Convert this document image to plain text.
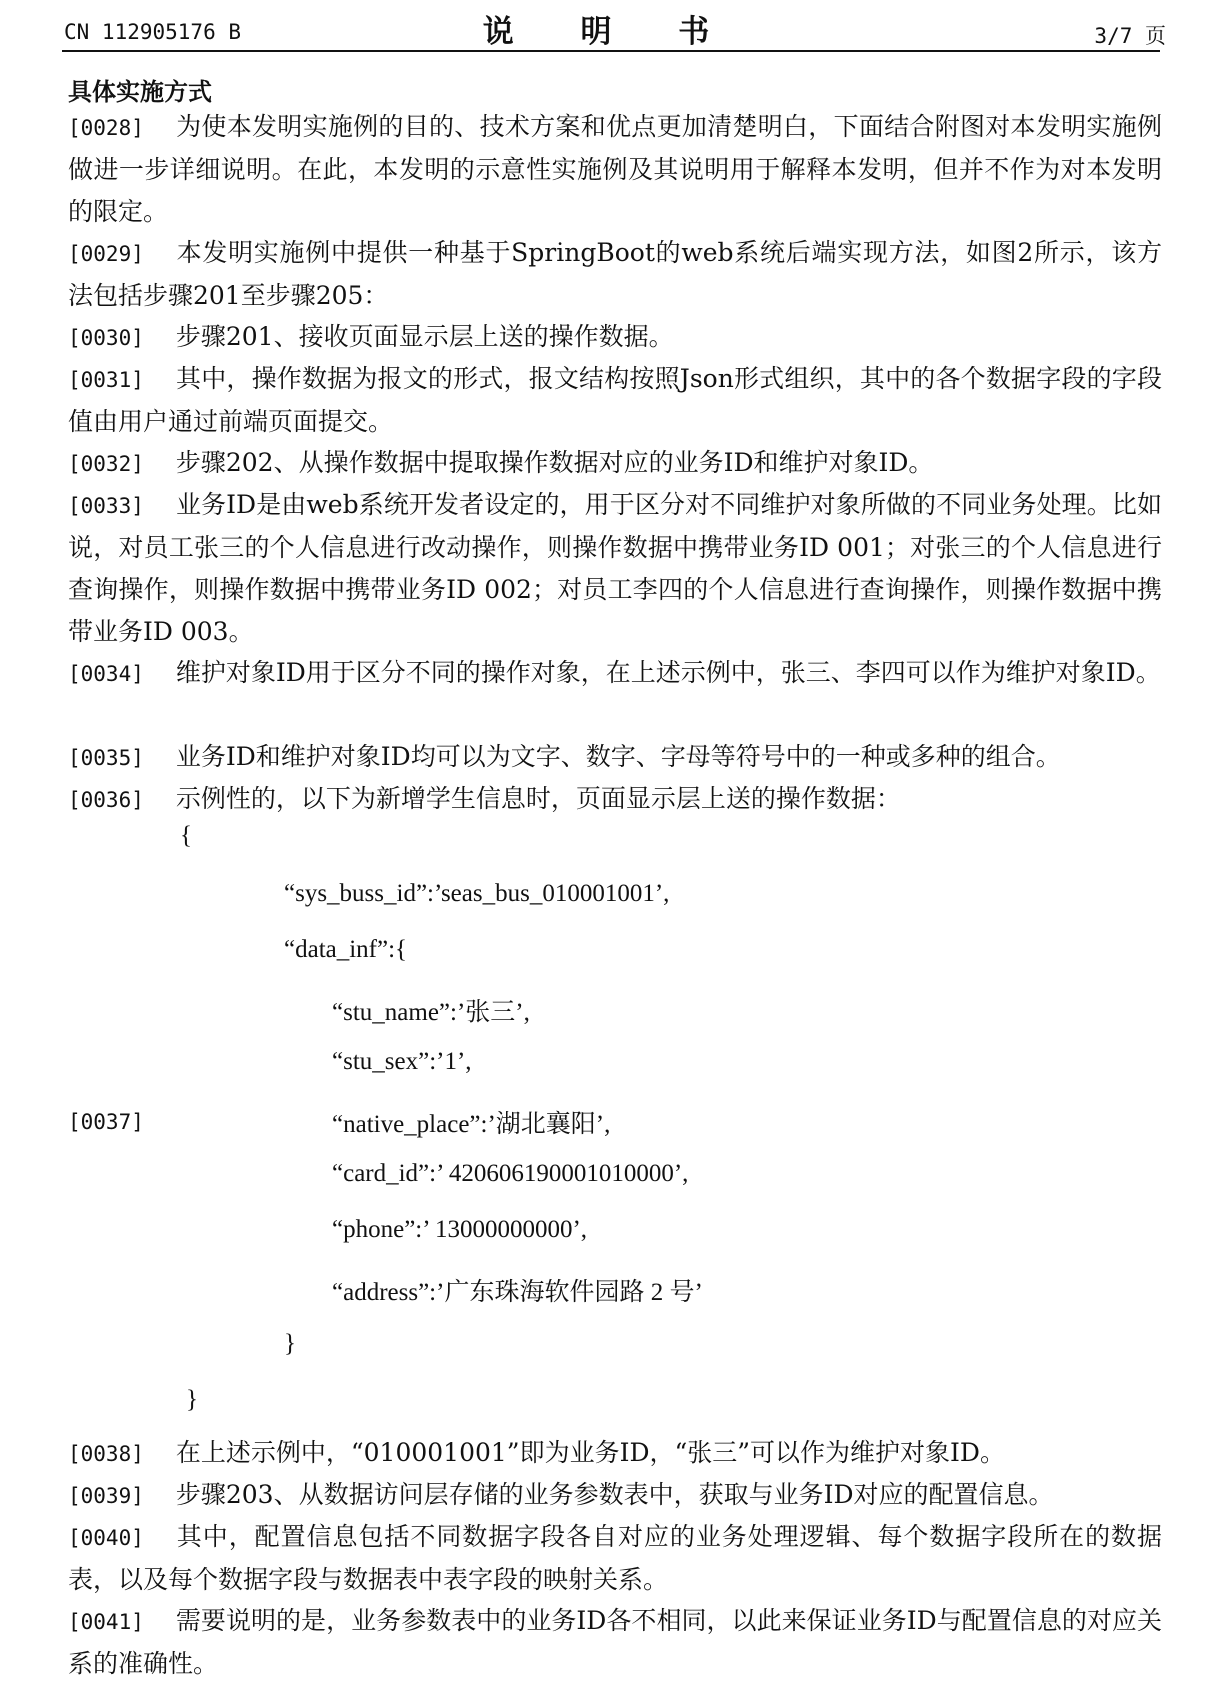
CN 112905176 B	说 明 书	3/7 页
具体实施方式
[0028] 为使本发明实施例的目的、技术方案和优点更加清楚明白，下面结合附图对本发明实施例做进一步详细说明。在此，本发明的示意性实施例及其说明用于解释本发明，但并不作为对本发明的限定。
[0029] 本发明实施例中提供一种基于SpringBoot的web系统后端实现方法，如图2所示，该方法包括步骤201至步骤205：
[0030] 步骤201、接收页面显示层上送的操作数据。
[0031] 其中，操作数据为报文的形式，报文结构按照Json形式组织，其中的各个数据字段的字段值由用户通过前端页面提交。
[0032] 步骤202、从操作数据中提取操作数据对应的业务ID和维护对象ID。
[0033] 业务ID是由web系统开发者设定的，用于区分对不同维护对象所做的不同业务处理。比如说，对员工张三的个人信息进行改动操作，则操作数据中携带业务ID 001；对张三的个人信息进行查询操作，则操作数据中携带业务ID 002；对员工李四的个人信息进行查询操作，则操作数据中携带业务ID 003。
[0034] 维护对象ID用于区分不同的操作对象，在上述示例中，张三、李四可以作为维护对象ID。
[0035] 业务ID和维护对象ID均可以为文字、数字、字母等符号中的一种或多种的组合。
[0036] 示例性的，以下为新增学生信息时，页面显示层上送的操作数据：
{
“sys_buss_id”:’seas_bus_010001001’,
“data_inf”:{
“stu_name”:’张三’,
“stu_sex”:’1’,
[0037]	“native_place”:’湖北襄阳’,
“card_id”:’ 420606190001010000’,
“phone”:’ 13000000000’,
“address”:’广东珠海软件园路 2 号’
}
}
[0038] 在上述示例中，“010001001”即为业务ID，“张三”可以作为维护对象ID。
[0039] 步骤203、从数据访问层存储的业务参数表中，获取与业务ID对应的配置信息。
[0040] 其中，配置信息包括不同数据字段各自对应的业务处理逻辑、每个数据字段所在的数据表，以及每个数据字段与数据表中表字段的映射关系。
[0041] 需要说明的是，业务参数表中的业务ID各不相同，以此来保证业务ID与配置信息的对应关系的准确性。
